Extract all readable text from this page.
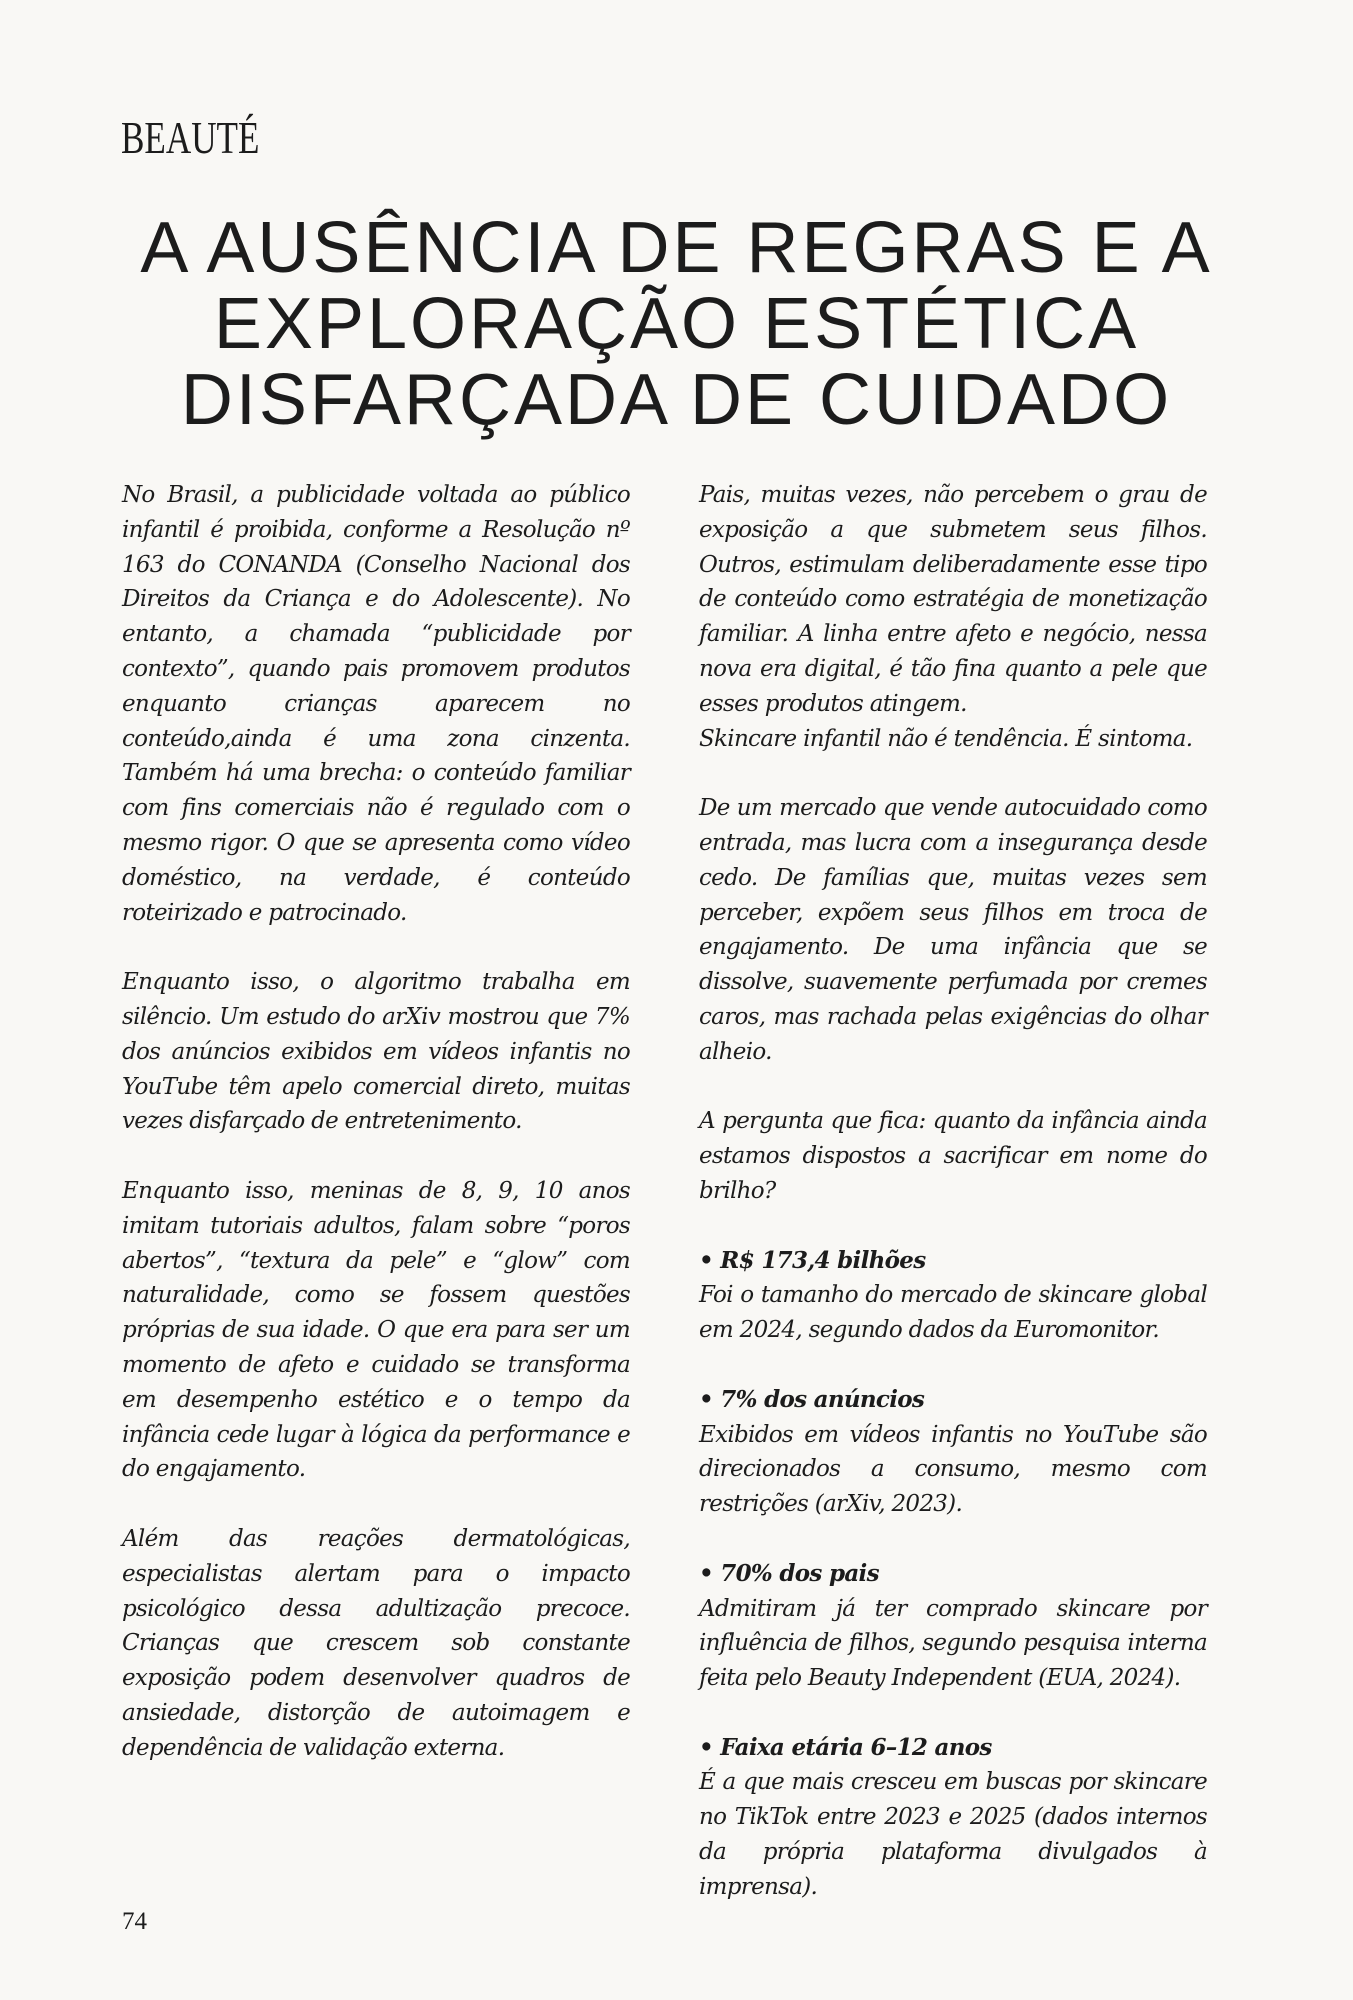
BEAUTÉ
A AUSÊNCIA DE REGRAS E A
EXPLORAÇÃO ESTÉTICA
DISFARÇADA DE CUIDADO

No Brasil, a publicidade voltada ao público infantil é proibida, conforme a Resolução nº 163 do CONANDA (Conselho Nacional dos Direitos da Criança e do Adolescente). No entanto, a chamada “publicidade por contexto”, quando pais promovem produtos enquanto crianças aparecem no conteúdo,ainda é uma zona cinzenta. Também há uma brecha: o conteúdo familiar com fins comerciais não é regulado com o mesmo rigor. O que se apresenta como vídeo doméstico, na verdade, é conteúdo roteirizado e patrocinado.

Enquanto isso, o algoritmo trabalha em silêncio. Um estudo do arXiv mostrou que 7% dos anúncios exibidos em vídeos infantis no YouTube têm apelo comercial direto, muitas vezes disfarçado de entretenimento.

Enquanto isso, meninas de 8, 9, 10 anos imitam tutoriais adultos, falam sobre “poros abertos”, “textura da pele” e “glow” com naturalidade, como se fossem questões próprias de sua idade. O que era para ser um momento de afeto e cuidado se transforma em desempenho estético e o tempo da infância cede lugar à lógica da performance e do engajamento.

Além das reações dermatológicas, especialistas alertam para o impacto psicológico dessa adultização precoce. Crianças que crescem sob constante exposição podem desenvolver quadros de ansiedade, distorção de autoimagem e dependência de validação externa.

Pais, muitas vezes, não percebem o grau de exposição a que submetem seus filhos. Outros, estimulam deliberadamente esse tipo de conteúdo como estratégia de monetização familiar. A linha entre afeto e negócio, nessa nova era digital, é tão fina quanto a pele que esses produtos atingem.

Skincare infantil não é tendência. É sintoma.

De um mercado que vende autocuidado como entrada, mas lucra com a insegurança desde cedo. De famílias que, muitas vezes sem perceber, expõem seus filhos em troca de engajamento. De uma infância que se dissolve, suavemente perfumada por cremes caros, mas rachada pelas exigências do olhar alheio.

A pergunta que fica: quanto da infância ainda estamos dispostos a sacrificar em nome do brilho?

• R$ 173,4 bilhões

Foi o tamanho do mercado de skincare global em 2024, segundo dados da Euromonitor.

• 7% dos anúncios

Exibidos em vídeos infantis no YouTube são direcionados a consumo, mesmo com restrições (arXiv, 2023).

• 70% dos pais

Admitiram já ter comprado skincare por influência de filhos, segundo pesquisa interna feita pelo Beauty Independent (EUA, 2024).

• Faixa etária 6–12 anos

É a que mais cresceu em buscas por skincare no TikTok entre 2023 e 2025 (dados internos da própria plataforma divulgados à imprensa).

74
